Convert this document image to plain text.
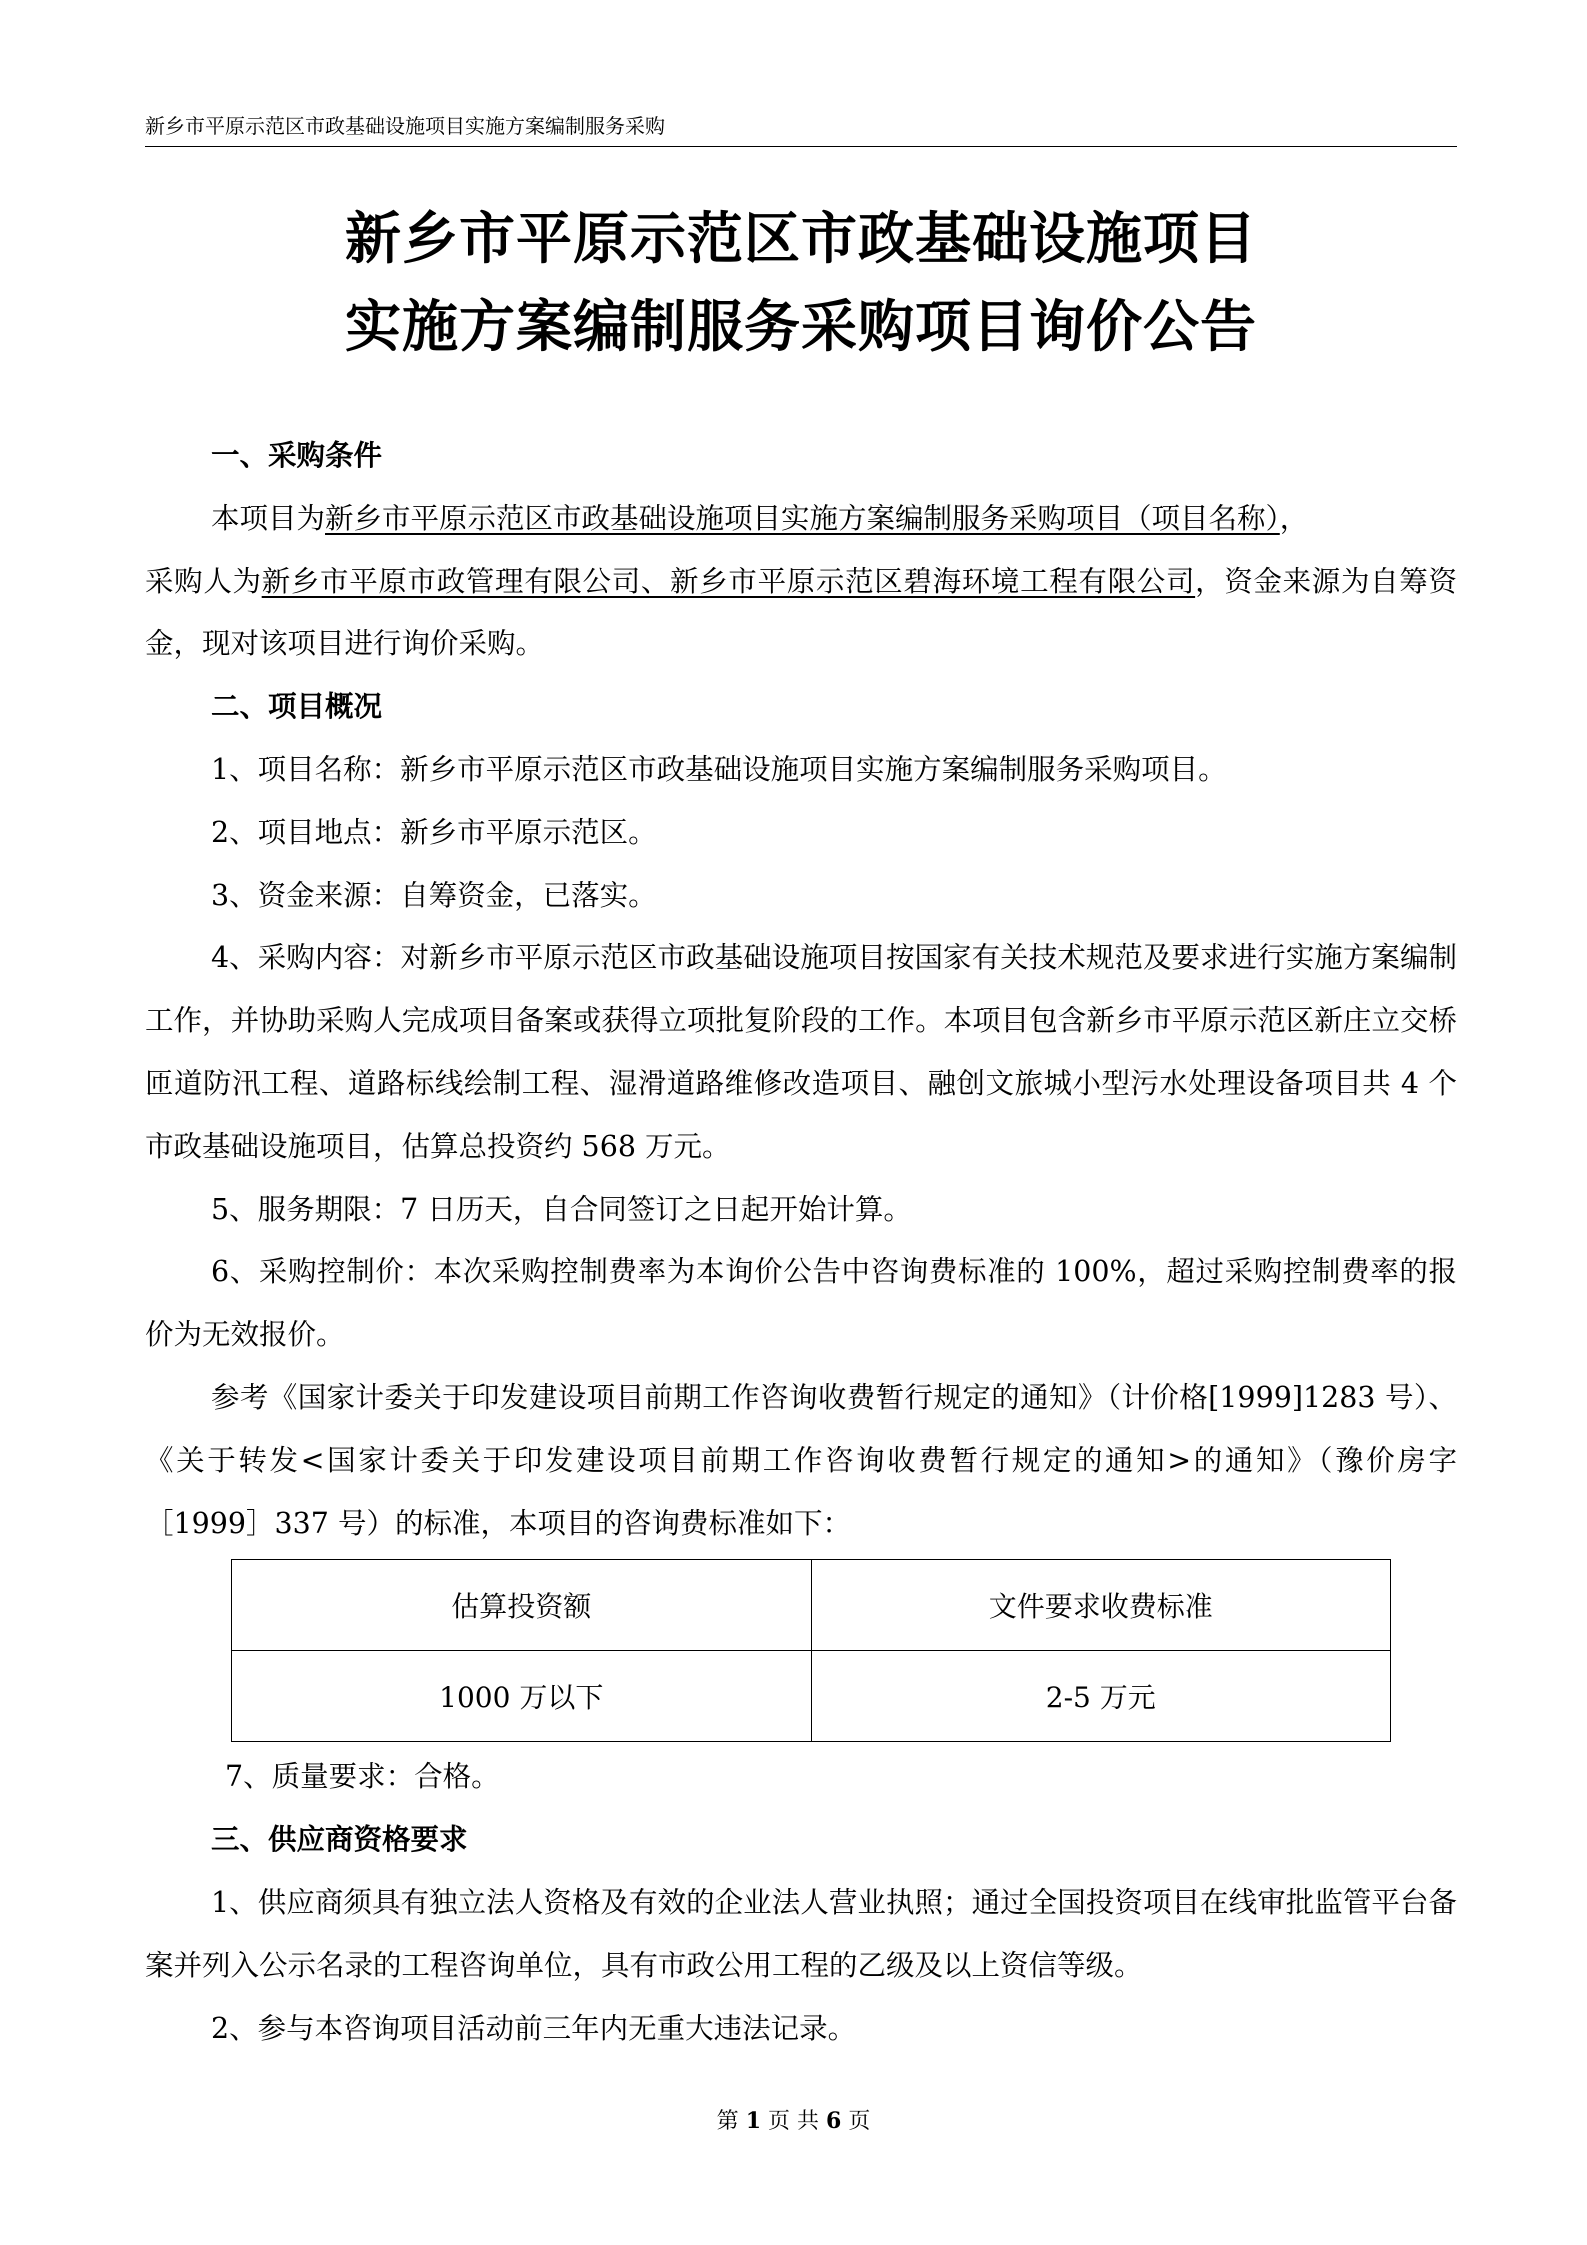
新乡市平原示范区市政基础设施项目实施方案编制服务采购
新乡市平原示范区市政基础设施项目
实施方案编制服务采购项目询价公告

一、采购条件

本项目为新乡市平原示范区市政基础设施项目实施方案编制服务采购项目（项目名称），

采购人为新乡市平原市政管理有限公司、新乡市平原示范区碧海环境工程有限公司，资金来源为自筹资金，现对该项目进行询价采购。

二、项目概况

1、项目名称：新乡市平原示范区市政基础设施项目实施方案编制服务采购项目。

2、项目地点：新乡市平原示范区。

3、资金来源：自筹资金，已落实。

4、采购内容：对新乡市平原示范区市政基础设施项目按国家有关技术规范及要求进行实施方案编制工作，并协助采购人完成项目备案或获得立项批复阶段的工作。本项目包含新乡市平原示范区新庄立交桥匝道防汛工程、道路标线绘制工程、湿滑道路维修改造项目、融创文旅城小型污水处理设备项目共 4 个市政基础设施项目，估算总投资约 568 万元。

5、服务期限：7 日历天，自合同签订之日起开始计算。

6、采购控制价：本次采购控制费率为本询价公告中咨询费标准的 100%，超过采购控制费率的报价为无效报价。

参考《国家计委关于印发建设项目前期工作咨询收费暂行规定的通知》（计价格[1999]1283 号）、《关于转发<国家计委关于印发建设项目前期工作咨询收费暂行规定的通知>的通知》（豫价房字［1999］337 号）的标准，本项目的咨询费标准如下：

估算投资额	文件要求收费标准
1000 万以下	2-5 万元

7、质量要求：合格。

三、供应商资格要求

1、供应商须具有独立法人资格及有效的企业法人营业执照；通过全国投资项目在线审批监管平台备案并列入公示名录的工程咨询单位，具有市政公用工程的乙级及以上资信等级。

2、参与本咨询项目活动前三年内无重大违法记录。

第 1 页 共 6 页
